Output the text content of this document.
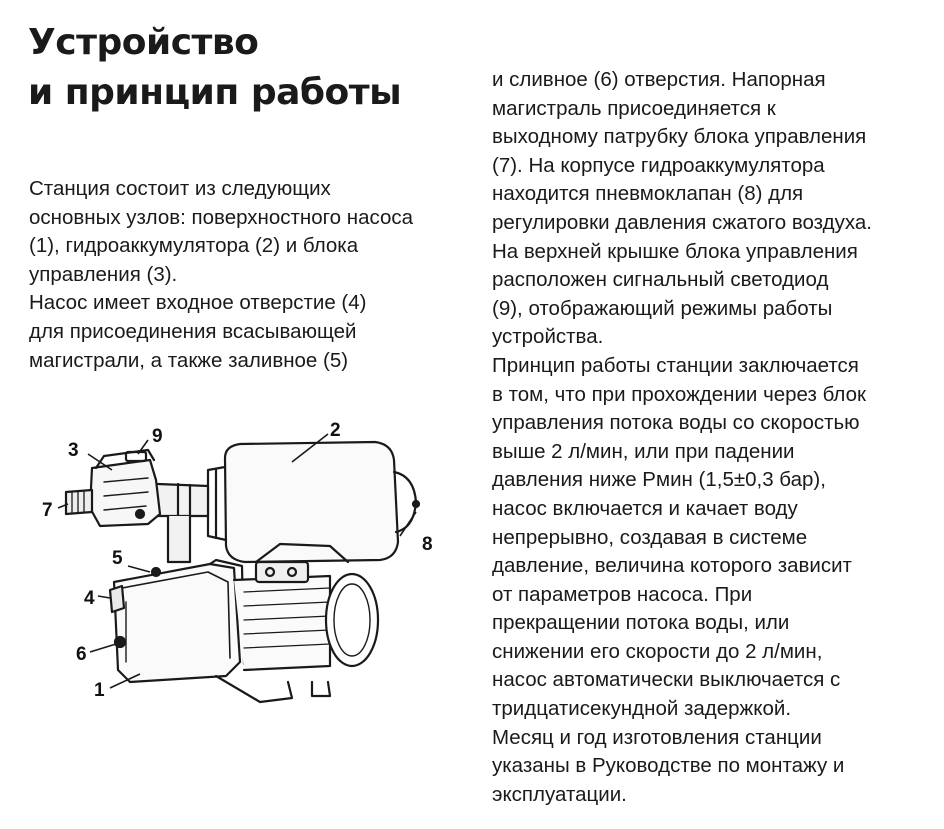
Устройство
и принцип работы

Станция состоит из следующих
основных узлов: поверхностного насоса
(1), гидроаккумулятора (2) и блока
управления (3).
Насос имеет входное отверстие (4)
для присоединения всасывающей
магистрали, а также заливное (5)

и сливное (6) отверстия. Напорная
магистраль присоединяется к
выходному патрубку блока управления
(7). На корпусе гидроаккумулятора
находится пневмоклапан (8) для
регулировки давления сжатого воздуха.
На верхней крышке блока управления
расположен сигнальный светодиод
(9), отображающий режимы работы
устройства.
Принцип работы станции заключается
в том, что при прохождении через блок
управления потока воды со скоростью
выше 2 л/мин, или при падении
давления ниже Рмин (1,5±0,3 бар),
насос включается и качает воду
непрерывно, создавая в системе
давление, величина которого зависит
от параметров насоса. При
прекращении потока воды, или
снижении его скорости до 2 л/мин,
насос автоматически выключается с
тридцатисекундной задержкой.
Месяц и год изготовления станции
указаны в Руководстве по монтажу и
эксплуатации.

3
9	2
7
8
5
4
6
1
